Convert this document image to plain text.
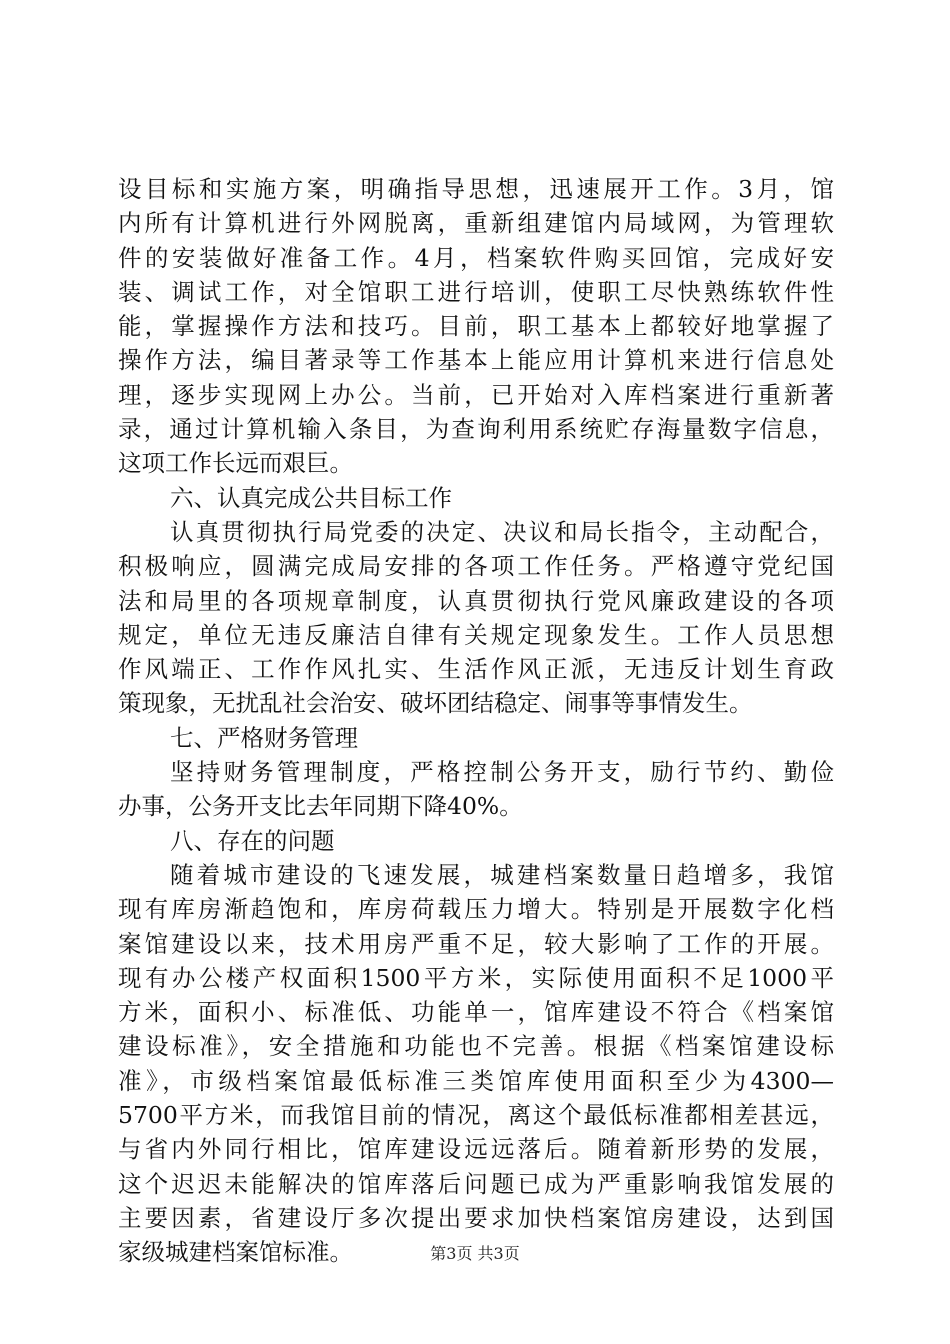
设目标和实施方案，明确指导思想，迅速展开工作。3月，馆
内所有计算机进行外网脱离，重新组建馆内局域网，为管理软
件的安装做好准备工作。4月，档案软件购买回馆，完成好安
装、调试工作，对全馆职工进行培训，使职工尽快熟练软件性
能，掌握操作方法和技巧。目前，职工基本上都较好地掌握了
操作方法，编目著录等工作基本上能应用计算机来进行信息处
理，逐步实现网上办公。当前，已开始对入库档案进行重新著
录，通过计算机输入条目，为查询利用系统贮存海量数字信息，
这项工作长远而艰巨。
六、认真完成公共目标工作
认真贯彻执行局党委的决定、决议和局长指令，主动配合，
积极响应，圆满完成局安排的各项工作任务。严格遵守党纪国
法和局里的各项规章制度，认真贯彻执行党风廉政建设的各项
规定，单位无违反廉洁自律有关规定现象发生。工作人员思想
作风端正、工作作风扎实、生活作风正派，无违反计划生育政
策现象，无扰乱社会治安、破坏团结稳定、闹事等事情发生。
七、严格财务管理
坚持财务管理制度，严格控制公务开支，励行节约、勤俭
办事，公务开支比去年同期下降40%。
八、存在的问题
随着城市建设的飞速发展，城建档案数量日趋增多，我馆
现有库房渐趋饱和，库房荷载压力增大。特别是开展数字化档
案馆建设以来，技术用房严重不足，较大影响了工作的开展。
现有办公楼产权面积1500平方米，实际使用面积不足1000平
方米，面积小、标准低、功能单一，馆库建设不符合《档案馆
建设标准》，安全措施和功能也不完善。根据《档案馆建设标
准》，市级档案馆最低标准三类馆库使用面积至少为4300—
5700平方米，而我馆目前的情况，离这个最低标准都相差甚远，
与省内外同行相比，馆库建设远远落后。随着新形势的发展，
这个迟迟未能解决的馆库落后问题已成为严重影响我馆发展的
主要因素，省建设厅多次提出要求加快档案馆房建设，达到国
家级城建档案馆标准。	第3页 共3页
